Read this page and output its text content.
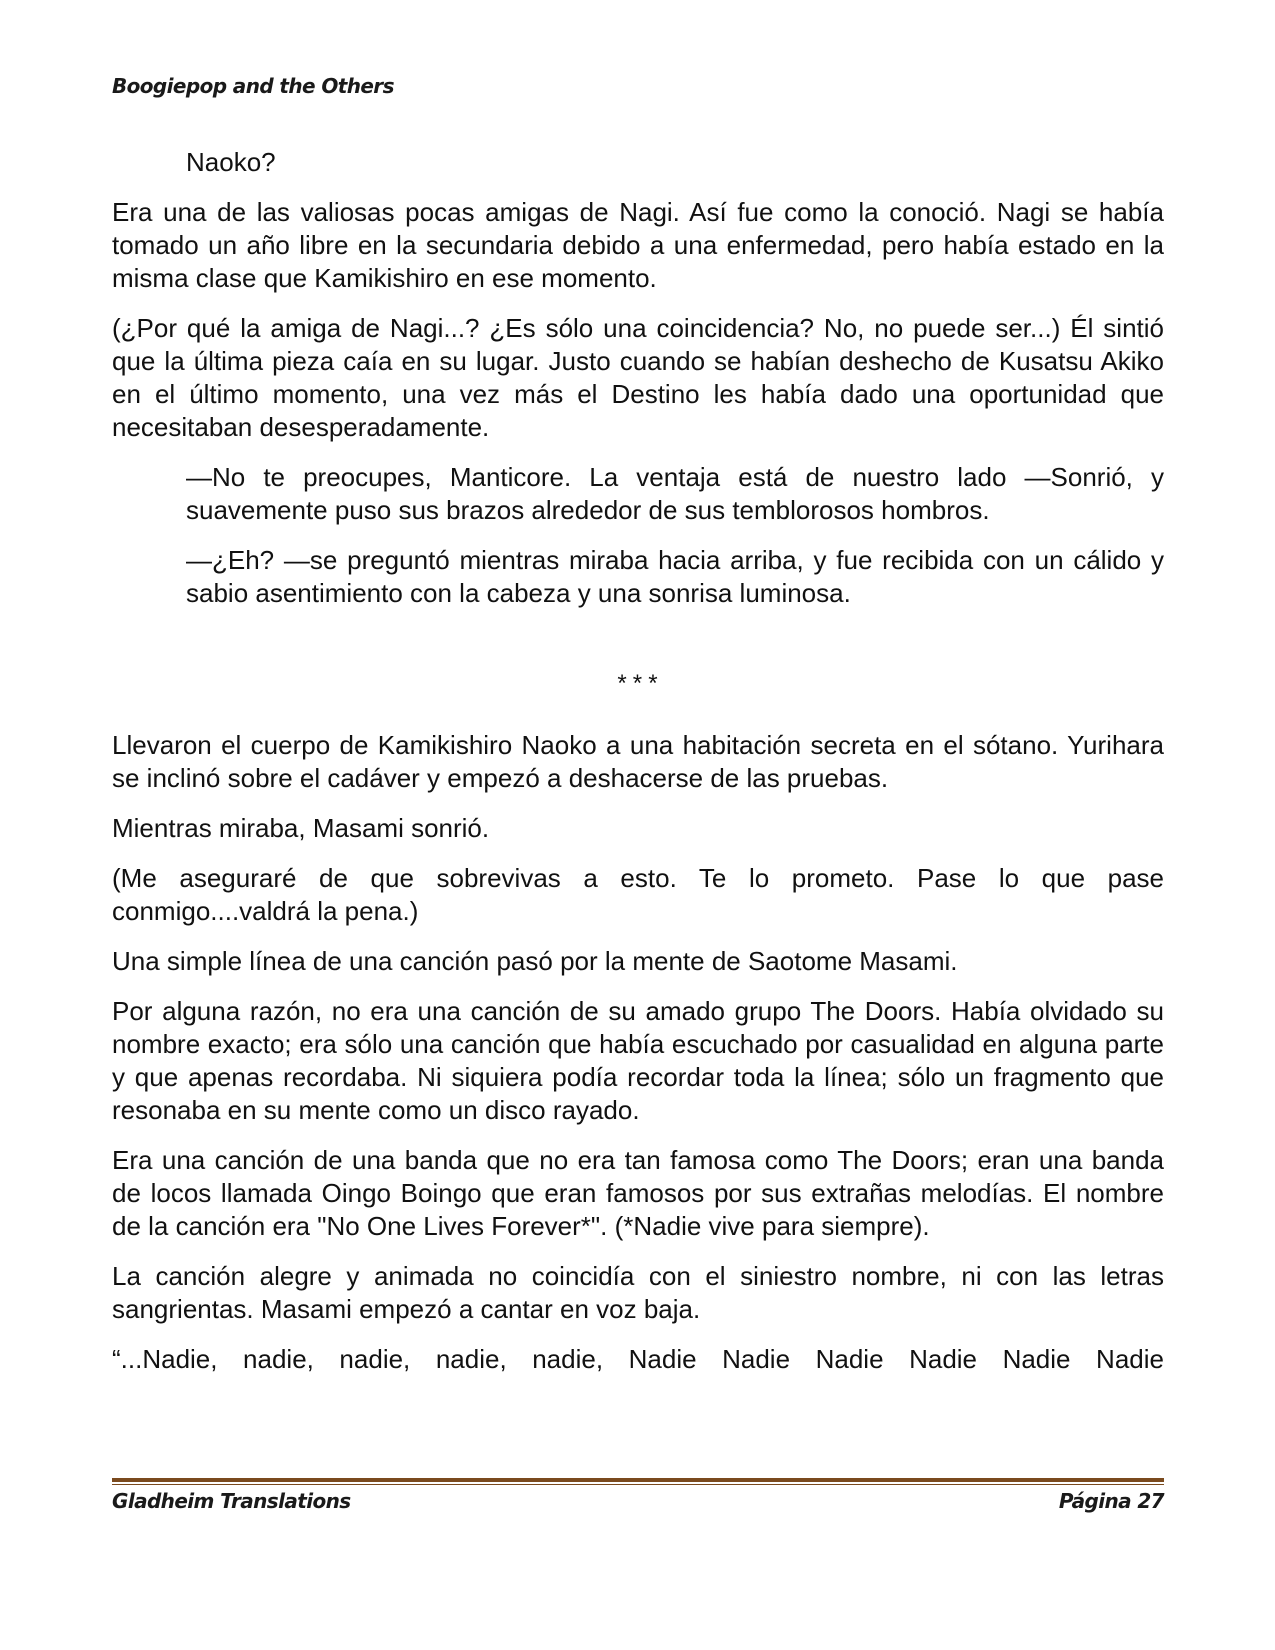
Boogiepop and the Others

Naoko?

Era una de las valiosas pocas amigas de Nagi. Así fue como la conoció. Nagi se había tomado un año libre en la secundaria debido a una enfermedad, pero había estado en la misma clase que Kamikishiro en ese momento.

(¿Por qué la amiga de Nagi...? ¿Es sólo una coincidencia? No, no puede ser...) Él sintió que la última pieza caía en su lugar. Justo cuando se habían deshecho de Kusatsu Akiko en el último momento, una vez más el Destino les había dado una oportunidad que necesitaban desesperadamente.

—No te preocupes, Manticore. La ventaja está de nuestro lado —Sonrió, y suavemente puso sus brazos alrededor de sus temblorosos hombros.

—¿Eh? —se preguntó mientras miraba hacia arriba, y fue recibida con un cálido y sabio asentimiento con la cabeza y una sonrisa luminosa.

***

Llevaron el cuerpo de Kamikishiro Naoko a una habitación secreta en el sótano. Yurihara se inclinó sobre el cadáver y empezó a deshacerse de las pruebas.

Mientras miraba, Masami sonrió.

(Me aseguraré de que sobrevivas a esto. Te lo prometo. Pase lo que pase conmigo....valdrá la pena.)

Una simple línea de una canción pasó por la mente de Saotome Masami.

Por alguna razón, no era una canción de su amado grupo The Doors. Había olvidado su nombre exacto; era sólo una canción que había escuchado por casualidad en alguna parte y que apenas recordaba. Ni siquiera podía recordar toda la línea; sólo un fragmento que resonaba en su mente como un disco rayado.

Era una canción de una banda que no era tan famosa como The Doors; eran una banda de locos llamada Oingo Boingo que eran famosos por sus extrañas melodías. El nombre de la canción era "No One Lives Forever*". (*Nadie vive para siempre).

La canción alegre y animada no coincidía con el siniestro nombre, ni con las letras sangrientas. Masami empezó a cantar en voz baja.

“...Nadie, nadie, nadie, nadie, nadie, Nadie Nadie Nadie Nadie Nadie Nadie

Gladheim Translations	Página 27
